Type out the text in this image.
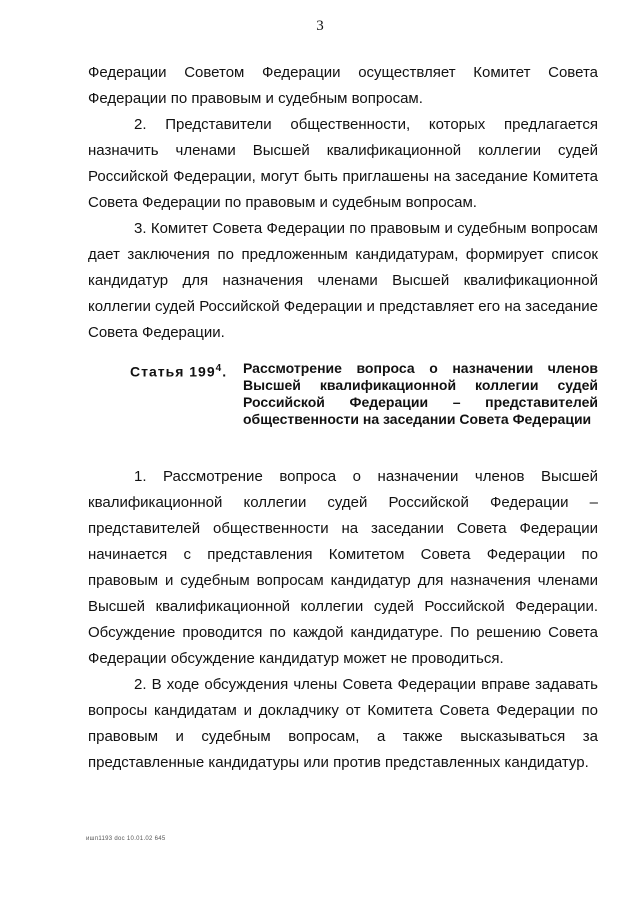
3
Федерации Советом Федерации осуществляет Комитет Совета Федерации по правовым и судебным вопросам.
2. Представители общественности, которых предлагается назначить членами Высшей квалификационной коллегии судей Российской Федерации, могут быть приглашены на заседание Комитета Совета Федерации по правовым и судебным вопросам.
3. Комитет Совета Федерации по правовым и судебным вопросам дает заключения по предложенным кандидатурам, формирует список кандидатур для назначения членами Высшей квалификационной коллегии судей Российской Федерации и представляет его на заседание Совета Федерации.
Статья $199^4$. Рассмотрение вопроса о назначении членов Высшей квалификационной коллегии судей Российской Федерации – представителей общественности на заседании Совета Федерации
1. Рассмотрение вопроса о назначении членов Высшей квалификационной коллегии судей Российской Федерации – представителей общественности на заседании Совета Федерации начинается с представления Комитетом Совета Федерации по правовым и судебным вопросам кандидатур для назначения членами Высшей квалификационной коллегии судей Российской Федерации. Обсуждение проводится по каждой кандидатуре. По решению Совета Федерации обсуждение кандидатур может не проводиться.
2. В ходе обсуждения члены Совета Федерации вправе задавать вопросы кандидатам и докладчику от Комитета Совета Федерации по правовым и судебным вопросам, а также высказываться за представленные кандидатуры или против представленных кандидатур.
ишп1193 doc 10.01.02 645
